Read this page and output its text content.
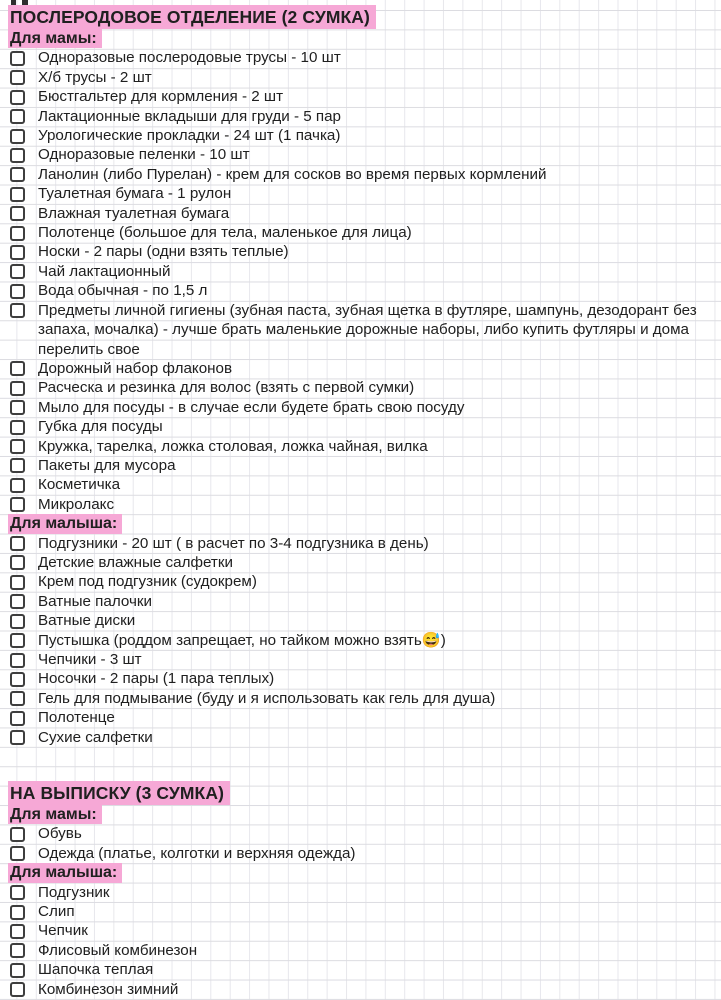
ПОСЛЕРОДОВОЕ ОТДЕЛЕНИЕ (2 СУМКА)
Для мамы:
Одноразовые послеродовые трусы - 10 шт
Х/б трусы - 2 шт
Бюстгальтер для кормления - 2 шт
Лактационные вкладыши для груди - 5 пар
Урологические прокладки - 24 шт (1 пачка)
Одноразовые пеленки - 10 шт
Ланолин (либо Пурелан) - крем для сосков во время первых кормлений
Туалетная бумага - 1 рулон
Влажная туалетная бумага
Полотенце (большое для тела, маленькое для лица)
Носки - 2 пары (одни взять теплые)
Чай лактационный
Вода обычная - по 1,5 л
Предметы личной гигиены (зубная паста, зубная щетка в футляре, шампунь, дезодорант без запаха, мочалка) - лучше брать маленькие дорожные наборы, либо купить футляры и дома перелить свое
Дорожный набор флаконов
Расческа и резинка для волос (взять с первой сумки)
Мыло для посуды - в случае если будете брать свою посуду
Губка для посуды
Кружка, тарелка, ложка столовая, ложка чайная, вилка
Пакеты для мусора
Косметичка
Микролакс
Для малыша:
Подгузники - 20 шт ( в расчет по 3-4 подгузника в день)
Детские влажные салфетки
Крем под подгузник (судокрем)
Ватные палочки
Ватные диски
Пустышка (роддом запрещает, но тайком можно взять😅)
Чепчики - 3 шт
Носочки - 2 пары (1 пара теплых)
Гель для подмывание (буду и я использовать как гель для душа)
Полотенце
Сухие салфетки
НА ВЫПИСКУ (3 СУМКА)
Для мамы:
Обувь
Одежда (платье, колготки и верхняя одежда)
Для малыша:
Подгузник
Слип
Чепчик
Флисовый комбинезон
Шапочка теплая
Комбинезон зимний
